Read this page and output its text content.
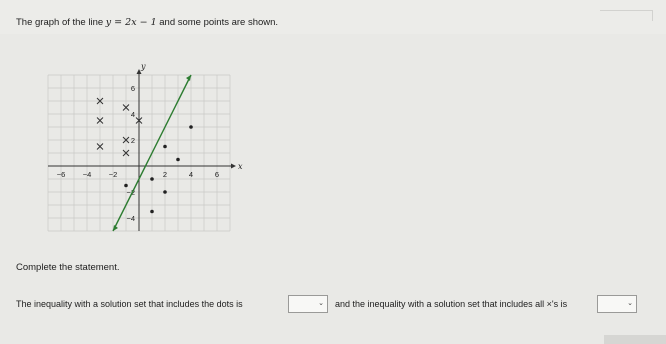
The graph of the line y = 2x − 1 and some points are shown.
x
y
−6 −4 −2	2	4	6
−4
−2
2
4
6
Complete the statement.
The inequality with a solution set that includes the dots is	⌄ and the inequality with a solution set that includes all ×'s is	⌄
